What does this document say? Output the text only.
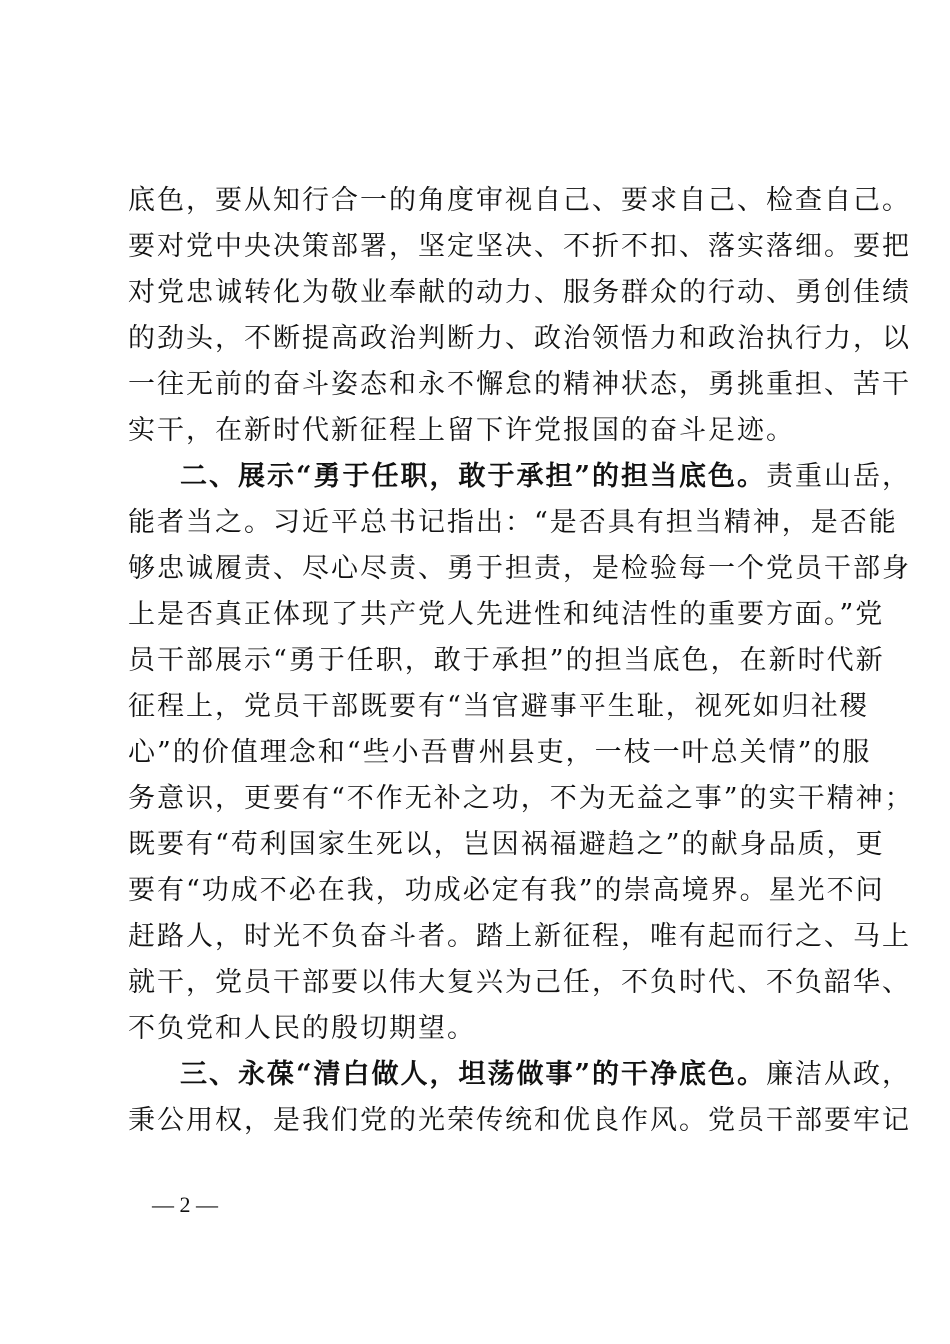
底色，要从知行合一的角度审视自己、要求自己、检查自己。
要对党中央决策部署，坚定坚决、不折不扣、落实落细。要把
对党忠诚转化为敬业奉献的动力、服务群众的行动、勇创佳绩
的劲头，不断提高政治判断力、政治领悟力和政治执行力，以
一往无前的奋斗姿态和永不懈怠的精神状态，勇挑重担、苦干
实干，在新时代新征程上留下许党报国的奋斗足迹。
二、展示“勇于任职，敢于承担”的担当底色。责重山岳，
能者当之。习近平总书记指出：“是否具有担当精神，是否能
够忠诚履责、尽心尽责、勇于担责，是检验每一个党员干部身
上是否真正体现了共产党人先进性和纯洁性的重要方面。”党
员干部展示“勇于任职，敢于承担”的担当底色，在新时代新
征程上，党员干部既要有“当官避事平生耻，视死如归社稷
心”的价值理念和“些小吾曹州县吏，一枝一叶总关情”的服
务意识，更要有“不作无补之功，不为无益之事”的实干精神；
既要有“苟利国家生死以，岂因祸福避趋之”的献身品质，更
要有“功成不必在我，功成必定有我”的崇高境界。星光不问
赶路人，时光不负奋斗者。踏上新征程，唯有起而行之、马上
就干，党员干部要以伟大复兴为己任，不负时代、不负韶华、
不负党和人民的殷切期望。
三、永葆“清白做人，坦荡做事”的干净底色。廉洁从政，
秉公用权，是我们党的光荣传统和优良作风。党员干部要牢记
— 2 —
